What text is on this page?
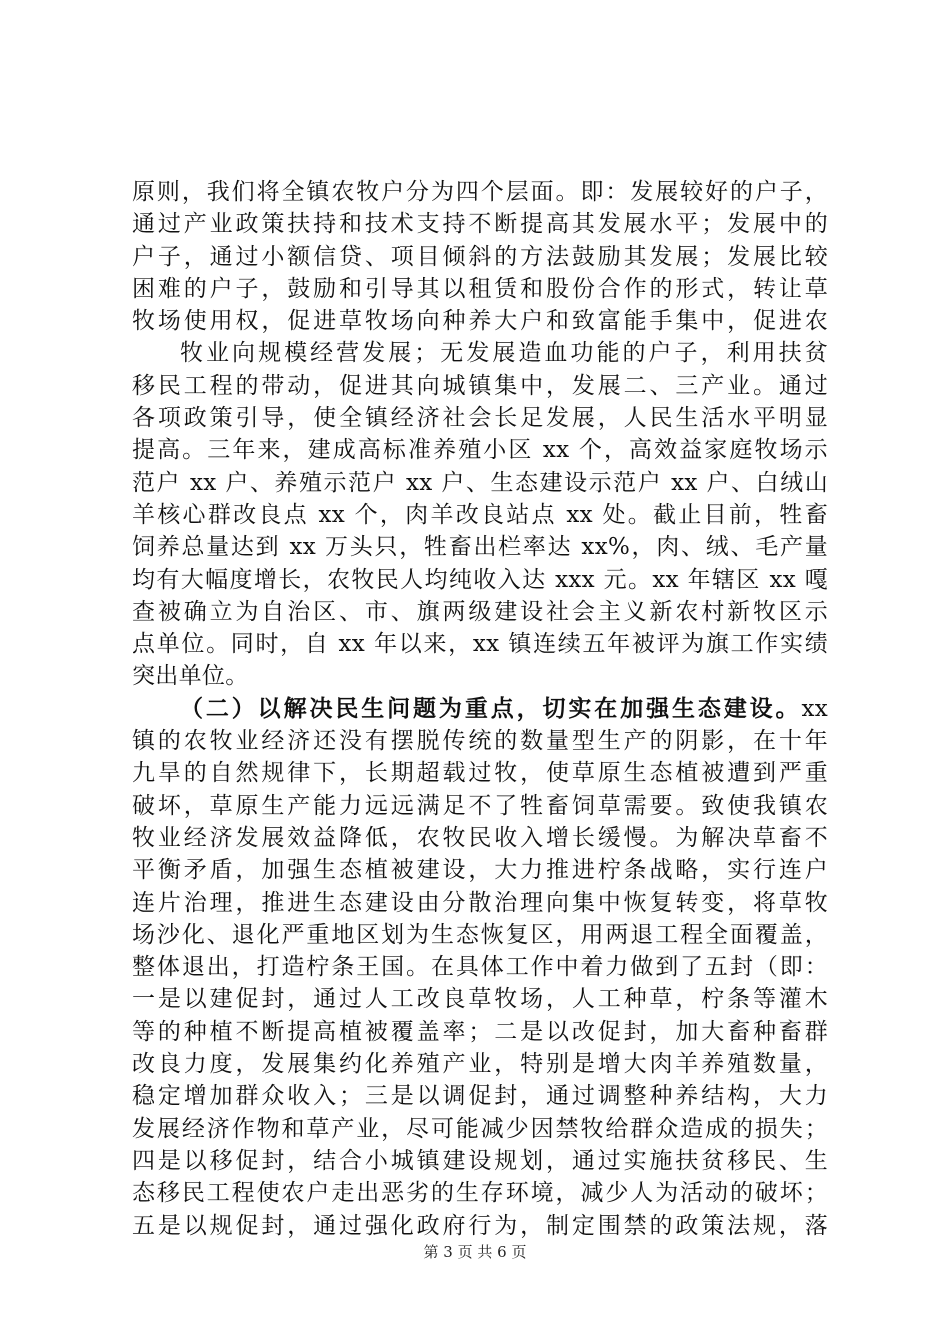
原则，我们将全镇农牧户分为四个层面。即：发展较好的户子，
通过产业政策扶持和技术支持不断提高其发展水平；发展中的
户子，通过小额信贷、项目倾斜的方法鼓励其发展；发展比较
困难的户子，鼓励和引导其以租赁和股份合作的形式，转让草
牧场使用权，促进草牧场向种养大户和致富能手集中，促进农
牧业向规模经营发展；无发展造血功能的户子，利用扶贫
移民工程的带动，促进其向城镇集中，发展二、三产业。通过
各项政策引导，使全镇经济社会长足发展，人民生活水平明显
提高。三年来，建成高标准养殖小区 xx 个，高效益家庭牧场示
范户 xx 户、养殖示范户 xx 户、生态建设示范户 xx 户、白绒山
羊核心群改良点 xx 个，肉羊改良站点 xx 处。截止目前，牲畜
饲养总量达到 xx 万头只，牲畜出栏率达 xx%，肉、绒、毛产量
均有大幅度增长，农牧民人均纯收入达 xxx 元。xx 年辖区 xx 嘎
查被确立为自治区、市、旗两级建设社会主义新农村新牧区示
点单位。同时，自 xx 年以来，xx 镇连续五年被评为旗工作实绩
突出单位。
（二）以解决民生问题为重点，切实在加强生态建设。xx
镇的农牧业经济还没有摆脱传统的数量型生产的阴影，在十年
九旱的自然规律下，长期超载过牧，使草原生态植被遭到严重
破坏，草原生产能力远远满足不了牲畜饲草需要。致使我镇农
牧业经济发展效益降低，农牧民收入增长缓慢。为解决草畜不
平衡矛盾，加强生态植被建设，大力推进柠条战略，实行连户
连片治理，推进生态建设由分散治理向集中恢复转变，将草牧
场沙化、退化严重地区划为生态恢复区，用两退工程全面覆盖，
整体退出，打造柠条王国。在具体工作中着力做到了五封（即：
一是以建促封，通过人工改良草牧场，人工种草，柠条等灌木
等的种植不断提高植被覆盖率；二是以改促封，加大畜种畜群
改良力度，发展集约化养殖产业，特别是增大肉羊养殖数量，
稳定增加群众收入；三是以调促封，通过调整种养结构，大力
发展经济作物和草产业，尽可能减少因禁牧给群众造成的损失；
四是以移促封，结合小城镇建设规划，通过实施扶贫移民、生
态移民工程使农户走出恶劣的生存环境，减少人为活动的破坏；
五是以规促封，通过强化政府行为，制定围禁的政策法规，落
第 3 页 共 6 页
